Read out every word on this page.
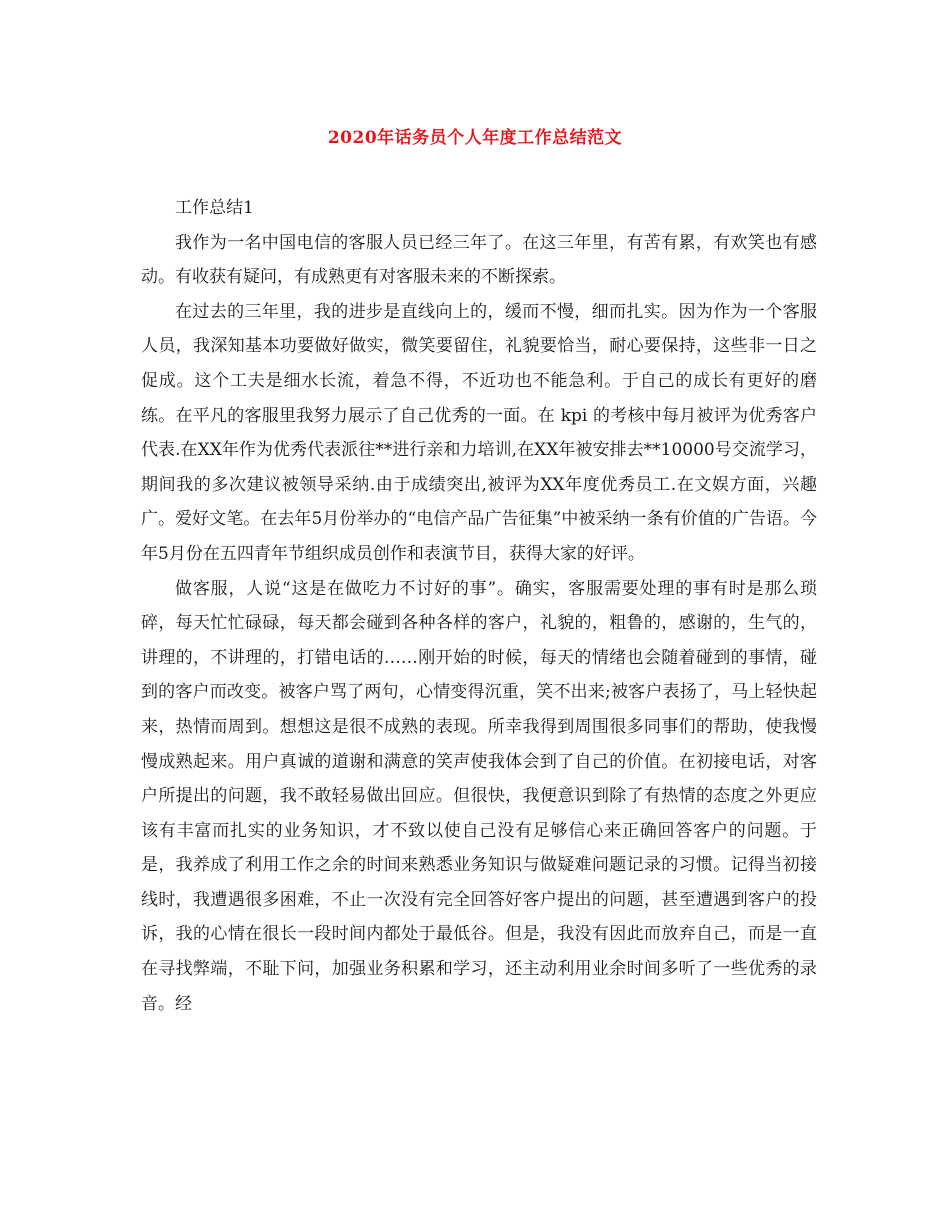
2020年话务员个人年度工作总结范文

工作总结1

我作为一名中国电信的客服人员已经三年了。在这三年里，有苦有累，有欢笑也有感动。有收获有疑问，有成熟更有对客服未来的不断探索。

在过去的三年里，我的进步是直线向上的，缓而不慢，细而扎实。因为作为一个客服人员，我深知基本功要做好做实，微笑要留住，礼貌要恰当，耐心要保持，这些非一日之促成。这个工夫是细水长流，着急不得，不近功也不能急利。于自己的成长有更好的磨练。在平凡的客服里我努力展示了自己优秀的一面。在 kpi 的考核中每月被评为优秀客户代表.在XX年作为优秀代表派往**进行亲和力培训,在XX年被安排去**10000号交流学习，期间我的多次建议被领导采纳.由于成绩突出,被评为XX年度优秀员工.在文娱方面，兴趣广。爱好文笔。在去年5月份举办的“电信产品广告征集”中被采纳一条有价值的广告语。今年5月份在五四青年节组织成员创作和表演节目，获得大家的好评。

做客服，人说“这是在做吃力不讨好的事”。确实，客服需要处理的事有时是那么琐碎，每天忙忙碌碌，每天都会碰到各种各样的客户，礼貌的，粗鲁的，感谢的，生气的，讲理的，不讲理的，打错电话的……刚开始的时候，每天的情绪也会随着碰到的事情，碰到的客户而改变。被客户骂了两句，心情变得沉重，笑不出来;被客户表扬了，马上轻快起来，热情而周到。想想这是很不成熟的表现。所幸我得到周围很多同事们的帮助，使我慢慢成熟起来。用户真诚的道谢和满意的笑声使我体会到了自己的价值。在初接电话，对客户所提出的问题，我不敢轻易做出回应。但很快，我便意识到除了有热情的态度之外更应该有丰富而扎实的业务知识，才不致以使自己没有足够信心来正确回答客户的问题。于是，我养成了利用工作之余的时间来熟悉业务知识与做疑难问题记录的习惯。记得当初接线时，我遭遇很多困难，不止一次没有完全回答好客户提出的问题，甚至遭遇到客户的投诉，我的心情在很长一段时间内都处于最低谷。但是，我没有因此而放弃自己，而是一直在寻找弊端，不耻下问，加强业务积累和学习，还主动利用业余时间多听了一些优秀的录音。经
